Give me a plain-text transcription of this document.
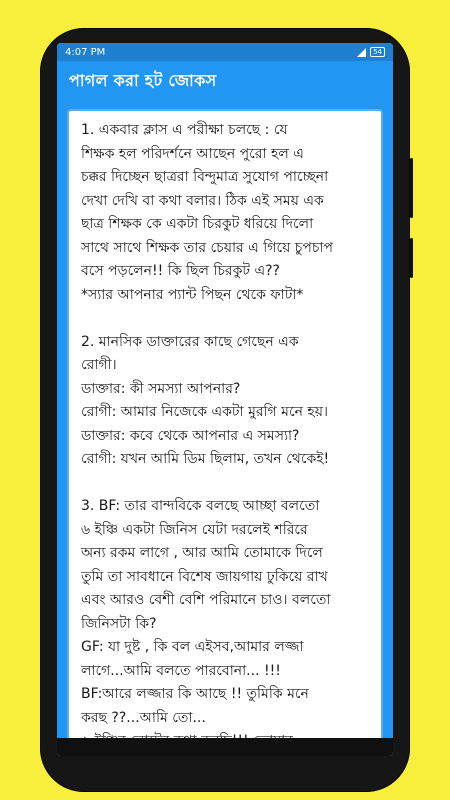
4:07 PM	54
পাগল করা হট জোকস
1. একবার ক্লাস এ পরীক্ষা চলছে : যে
শিক্ষক হল পরিদর্শনে আছেন পুরো হল এ
চক্কর দিচ্ছেন ছাত্ররা বিন্দুমাত্র সুযোগ পাচ্ছেনা
দেখা দেখি বা কথা বলার। ঠিক এই সময় এক
ছাত্র শিক্ষক কে একটা চিরকুট ধরিয়ে দিলো
সাথে সাথে শিক্ষক তার চেয়ার এ গিয়ে চুপচাপ
বসে পড়লেন!! কি ছিল চিরকুট এ??
*স্যার আপনার প্যান্ট পিছন থেকে ফাটা*
2. মানসিক ডাক্তারের কাছে গেছেন এক
রোগী।
ডাক্তার: কী সমস্যা আপনার?
রোগী: আমার নিজেকে একটা মুরগি মনে হয়।
ডাক্তার: কবে থেকে আপনার এ সমস্যা?
রোগী: যখন আমি ডিম ছিলাম, তখন থেকেই!
3. BF: তার বান্দবিকে বলছে আচ্ছা বলতো
৬ ইঞ্চি একটা জিনিস যেটা দরলেই শরিরে
অন্য রকম লাগে , আর আমি তোমাকে দিলে
তুমি তা সাবধানে বিশেষ জায়গায় ঢুকিয়ে রাখ
এবং আরও বেশী বেশি পরিমানে চাও। বলতো
জিনিসটা কি?
GF: যা দুষ্ট , কি বল এইসব,আমার লজ্জা
লাগে...আমি বলতে পারবোনা... !!!
BF:আরে লজ্জার কি আছে !! তুমিকি মনে
করছ ??...আমি তো...
